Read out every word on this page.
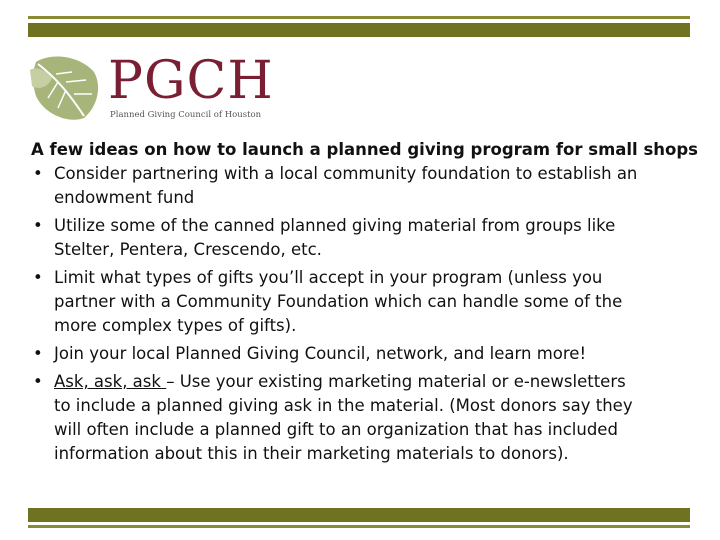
PGCH
Planned Giving Council of Houston
A few ideas on how to launch a planned giving program for small shops
• Consider partnering with a local community foundation to establish an
endowment fund
• Utilize some of the canned planned giving material from groups like
Stelter, Pentera, Crescendo, etc.
• Limit what types of gifts you’ll accept in your program (unless you
partner with a Community Foundation which can handle some of the
more complex types of gifts).
• Join your local Planned Giving Council, network, and learn more!
• Ask, ask, ask – Use your existing marketing material or e-newsletters
to include a planned giving ask in the material. (Most donors say they
will often include a planned gift to an organization that has included
information about this in their marketing materials to donors).
